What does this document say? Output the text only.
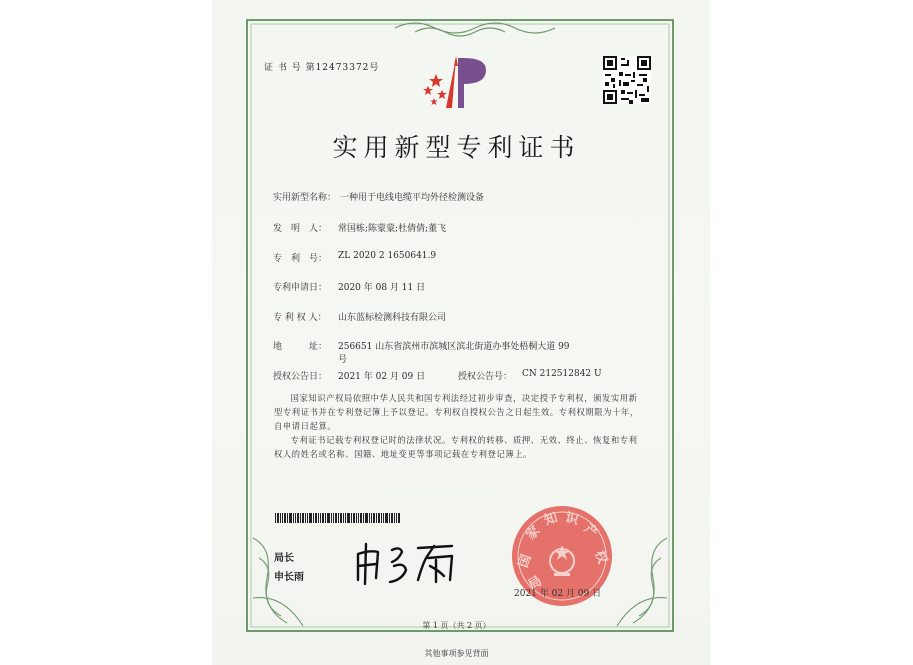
证 书 号 第12473372号
实用新型专利证书
实用新型名称： 一种用于电线电缆平均外径检测设备
发　明　人： 常国栋;陈蒙蒙;杜倩倩;董飞
专　利　号： ZL 2020 2 1650641.9
专利申请日： 2020 年 08 月 11 日
专 利 权 人： 山东蓝标检测科技有限公司
地　　　址： 256651 山东省滨州市滨城区滨北街道办事处梧桐大道 99
号
授权公告日： 2021 年 02 月 09 日	授权公告号： CN 212512842 U
国家知识产权局依照中华人民共和国专利法经过初步审查，决定授予专利权，颁发实用新型专利证书并在专利登记簿上予以登记。专利权自授权公告之日起生效。专利权期限为十年，自申请日起算。
专利证书记载专利权登记时的法律状况。专利权的转移、质押、无效、终止、恢复和专利权人的姓名或名称、国籍、地址变更等事项记载在专利登记簿上。
局长
申长雨
国
家
知 识
产
权
局
2021 年 02 月 09 日
第 1 页（共 2 页）
其他事项参见背面
